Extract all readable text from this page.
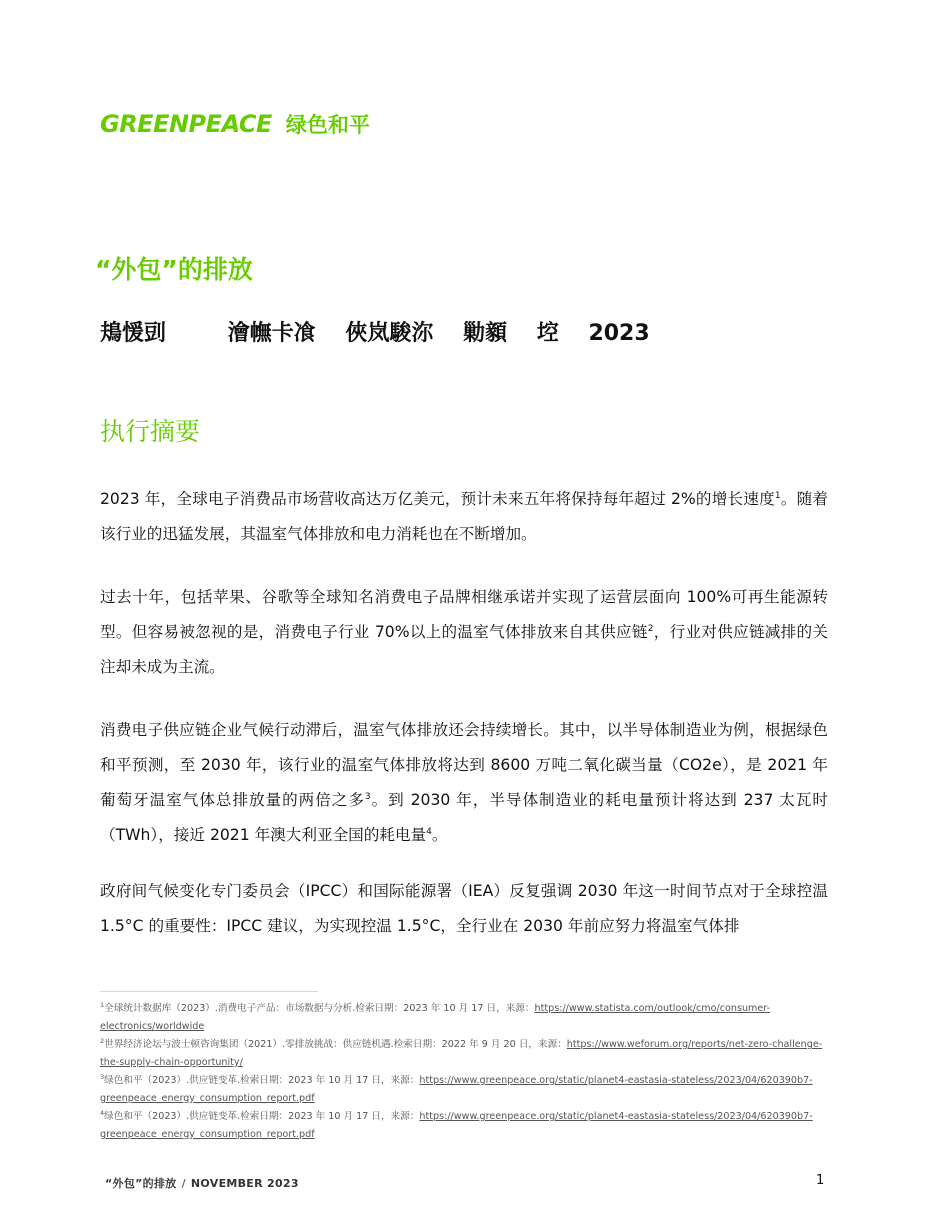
GREENPEACE 绿色和平
“外包”的排放
鳺愋剅	澮幠卡飡 俠岚駿沵 勦顡 埪 2023
执行摘要

2023 年，全球电子消费品市场营收高达万亿美元，预计未来五年将保持每年超过 2%的增长速度$^1$。随着该行业的迅猛发展，其温室气体排放和电力消耗也在不断增加。

过去十年，包括苹果、谷歌等全球知名消费电子品牌相继承诺并实现了运营层面向 100%可再生能源转型。但容易被忽视的是，消费电子行业 70%以上的温室气体排放来自其供应链$^2$，行业对供应链减排的关注却未成为主流。

消费电子供应链企业气候行动滞后，温室气体排放还会持续增长。其中，以半导体制造业为例，根据绿色和平预测，至 2030 年，该行业的温室气体排放将达到 8600 万吨二氧化碳当量（CO2e），是 2021 年葡萄牙温室气体总排放量的两倍之多$^3$。到 2030 年，半导体制造业的耗电量预计将达到 237 太瓦时（TWh），接近 2021 年澳大利亚全国的耗电量$^4$。

政府间气候变化专门委员会（IPCC）和国际能源署（IEA）反复强调 2030 年这一时间节点对于全球控温 1.5°C 的重要性：IPCC 建议，为实现控温 1.5°C，全行业在 2030 年前应努力将温室气体排

$^1$全球统计数据库（2023）.消费电子产品：市场数据与分析.检索日期：2023 年 10 月 17 日，来源：https://www.statista.com/outlook/cmo/consumer-electronics/worldwide

$^2$世界经济论坛与波士顿咨询集团（2021）.零排放挑战：供应链机遇.检索日期：2022 年 9 月 20 日，来源：https://www.weforum.org/reports/net-zero-challenge-the-supply-chain-opportunity/

$^3$绿色和平（2023）.供应链变革.检索日期：2023 年 10 月 17 日，来源：https://www.greenpeace.org/static/planet4-eastasia-stateless/2023/04/620390b7-greenpeace_energy_consumption_report.pdf

$^4$绿色和平（2023）.供应链变革.检索日期：2023 年 10 月 17 日，来源：https://www.greenpeace.org/static/planet4-eastasia-stateless/2023/04/620390b7-greenpeace_energy_consumption_report.pdf

“外包”的排放 / NOVEMBER 2023	1
